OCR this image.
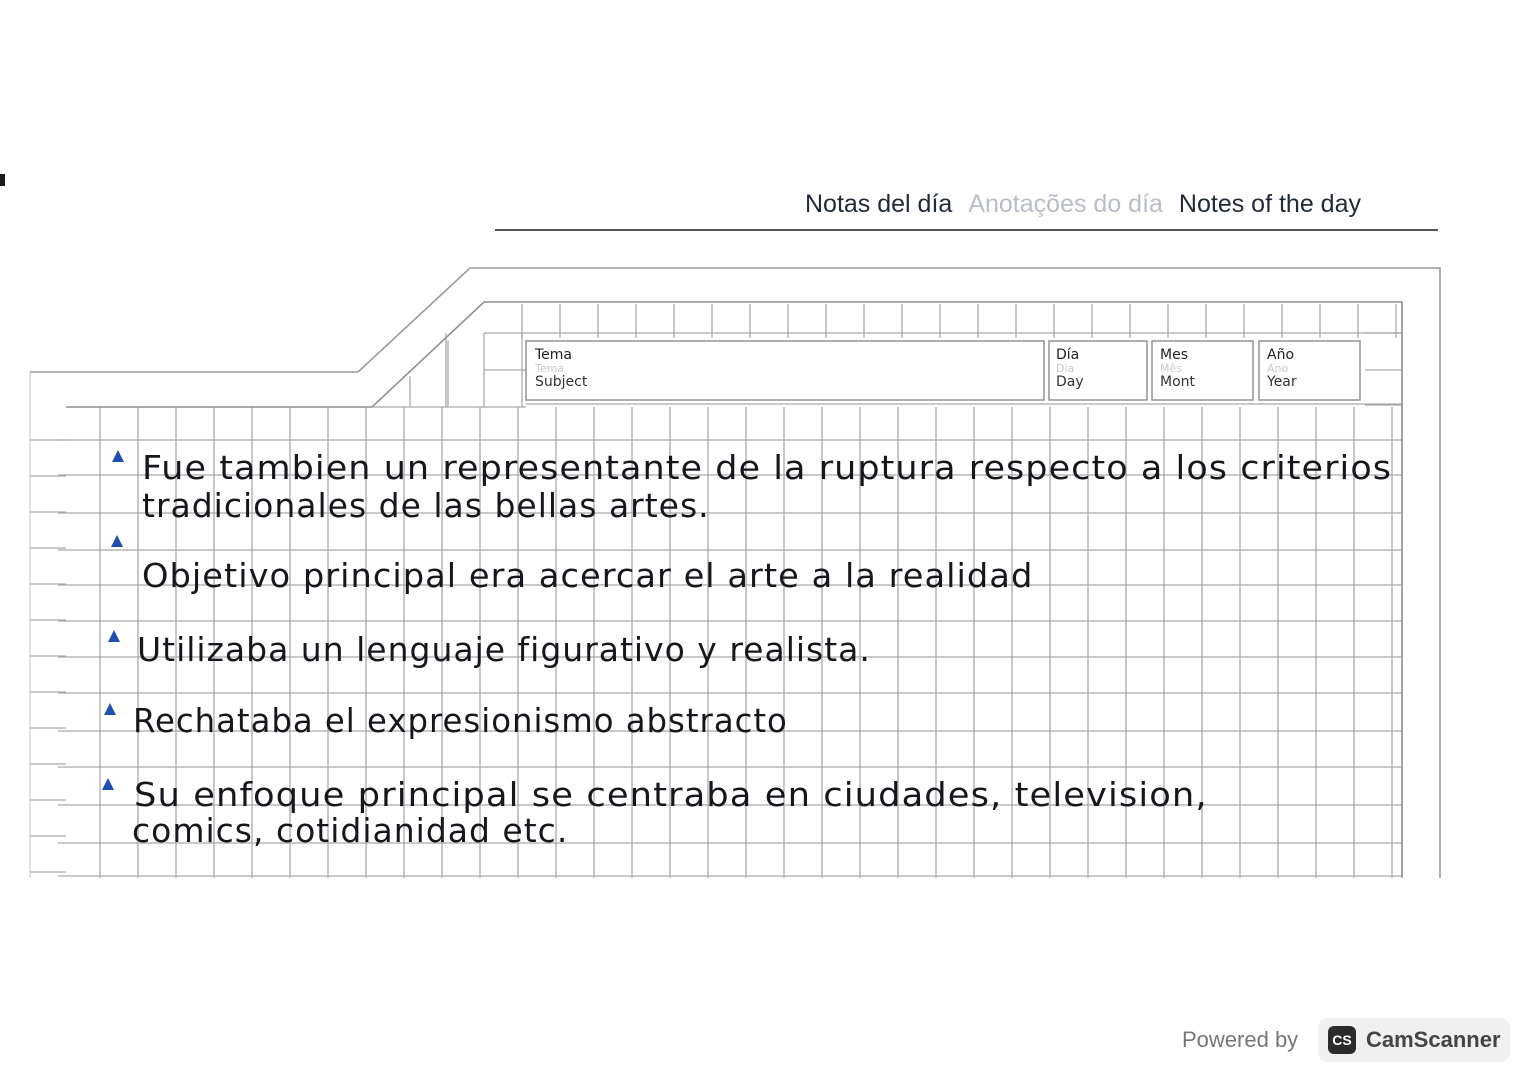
Notas del día Anotações do día Notes of the day
Tema
Tema
Subject
Día
Dia
Day
Mes
Mês
Mont
Año
Ano
Year
Fue tambien un representante de la ruptura respecto a los criterios
tradicionales de las bellas artes.
Objetivo principal era acercar el arte a la realidad
Utilizaba un lenguaje figurativo y realista.
Rechataba el expresionismo abstracto
Su enfoque principal se centraba en ciudades, television,
comics, cotidianidad etc.
Powered by	CS CamScanner
